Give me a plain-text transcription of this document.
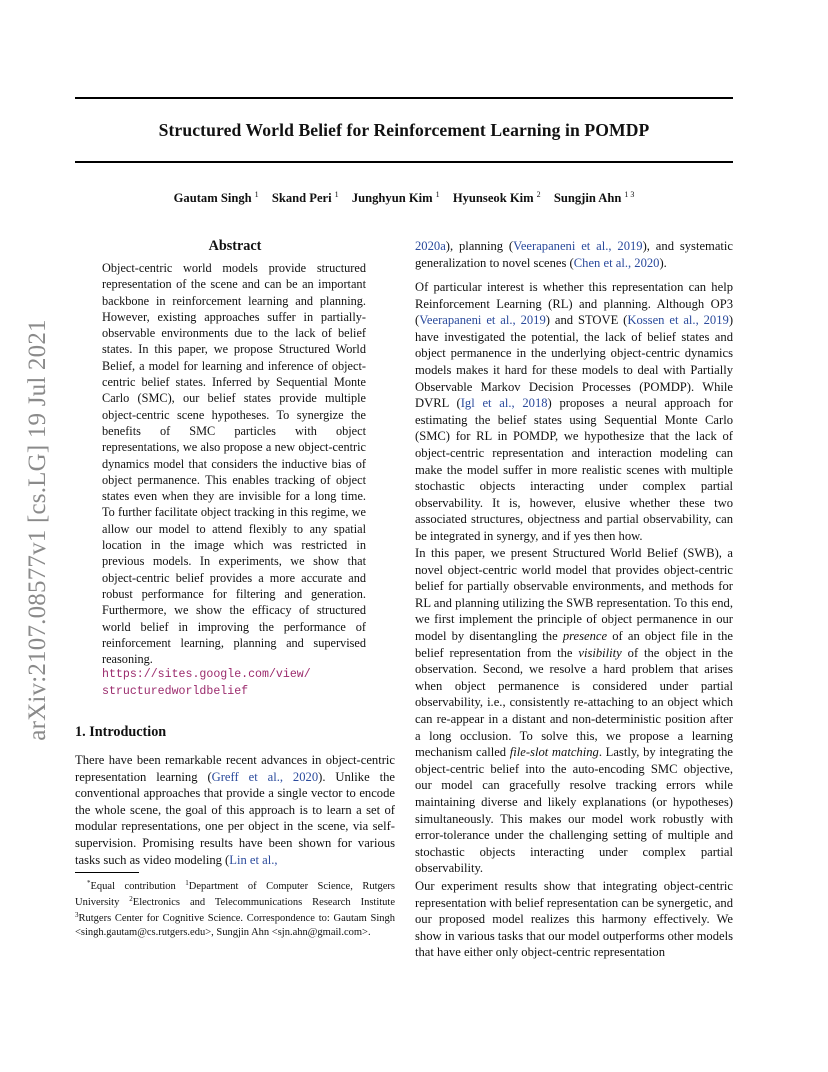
Structured World Belief for Reinforcement Learning in POMDP
Gautam Singh $^1$ Skand Peri $^1$ Junghyun Kim $^1$ Hyunseok Kim $^2$ Sungjin Ahn $^{1 3}$
arXiv:2107.08577v1 [cs.LG] 19 Jul 2021
Abstract
Object-centric world models provide structured representation of the scene and can be an important backbone in reinforcement learning and planning. However, existing approaches suffer in partially-observable environments due to the lack of belief states. In this paper, we propose Structured World Belief, a model for learning and inference of object-centric belief states. Inferred by Sequential Monte Carlo (SMC), our belief states provide multiple object-centric scene hypotheses. To synergize the benefits of SMC particles with object representations, we also propose a new object-centric dynamics model that considers the inductive bias of object permanence. This enables tracking of object states even when they are invisible for a long time. To further facilitate object tracking in this regime, we allow our model to attend flexibly to any spatial location in the image which was restricted in previous models. In experiments, we show that object-centric belief provides a more accurate and robust performance for filtering and generation. Furthermore, we show the efficacy of structured world belief in improving the performance of reinforcement learning, planning and supervised reasoning.
https://sites.google.com/view/
structuredworldbelief
1. Introduction
There have been remarkable recent advances in object-centric representation learning (Greff et al., 2020). Unlike the conventional approaches that provide a single vector to encode the whole scene, the goal of this approach is to learn a set of modular representations, one per object in the scene, via self-supervision. Promising results have been shown for various tasks such as video modeling (Lin et al.,
*Equal contribution $^1$Department of Computer Science, Rutgers University $^2$Electronics and Telecommunications Research Institute $^3$Rutgers Center for Cognitive Science. Correspondence to: Gautam Singh <singh.gautam@cs.rutgers.edu>, Sungjin Ahn <sjn.ahn@gmail.com>.

2020a), planning (Veerapaneni et al., 2019), and systematic generalization to novel scenes (Chen et al., 2020).

Of particular interest is whether this representation can help Reinforcement Learning (RL) and planning. Although OP3 (Veerapaneni et al., 2019) and STOVE (Kossen et al., 2019) have investigated the potential, the lack of belief states and object permanence in the underlying object-centric dynamics models makes it hard for these models to deal with Partially Observable Markov Decision Processes (POMDP). While DVRL (Igl et al., 2018) proposes a neural approach for estimating the belief states using Sequential Monte Carlo (SMC) for RL in POMDP, we hypothesize that the lack of object-centric representation and interaction modeling can make the model suffer in more realistic scenes with multiple stochastic objects interacting under complex partial observability. It is, however, elusive whether these two associated structures, objectness and partial observability, can be integrated in synergy, and if yes then how.

In this paper, we present Structured World Belief (SWB), a novel object-centric world model that provides object-centric belief for partially observable environments, and methods for RL and planning utilizing the SWB representation. To this end, we first implement the principle of object permanence in our model by disentangling the presence of an object file in the belief representation from the visibility of the object in the observation. Second, we resolve a hard problem that arises when object permanence is considered under partial observability, i.e., consistently re-attaching to an object which can re-appear in a distant and non-deterministic position after a long occlusion. To solve this, we propose a learning mechanism called file-slot matching. Lastly, by integrating the object-centric belief into the auto-encoding SMC objective, our model can gracefully resolve tracking errors while maintaining diverse and likely explanations (or hypotheses) simultaneously. This makes our model work robustly with error-tolerance under the challenging setting of multiple and stochastic objects interacting under complex partial observability.

Our experiment results show that integrating object-centric representation with belief representation can be synergetic, and our proposed model realizes this harmony effectively. We show in various tasks that our model outperforms other models that have either only object-centric representation
